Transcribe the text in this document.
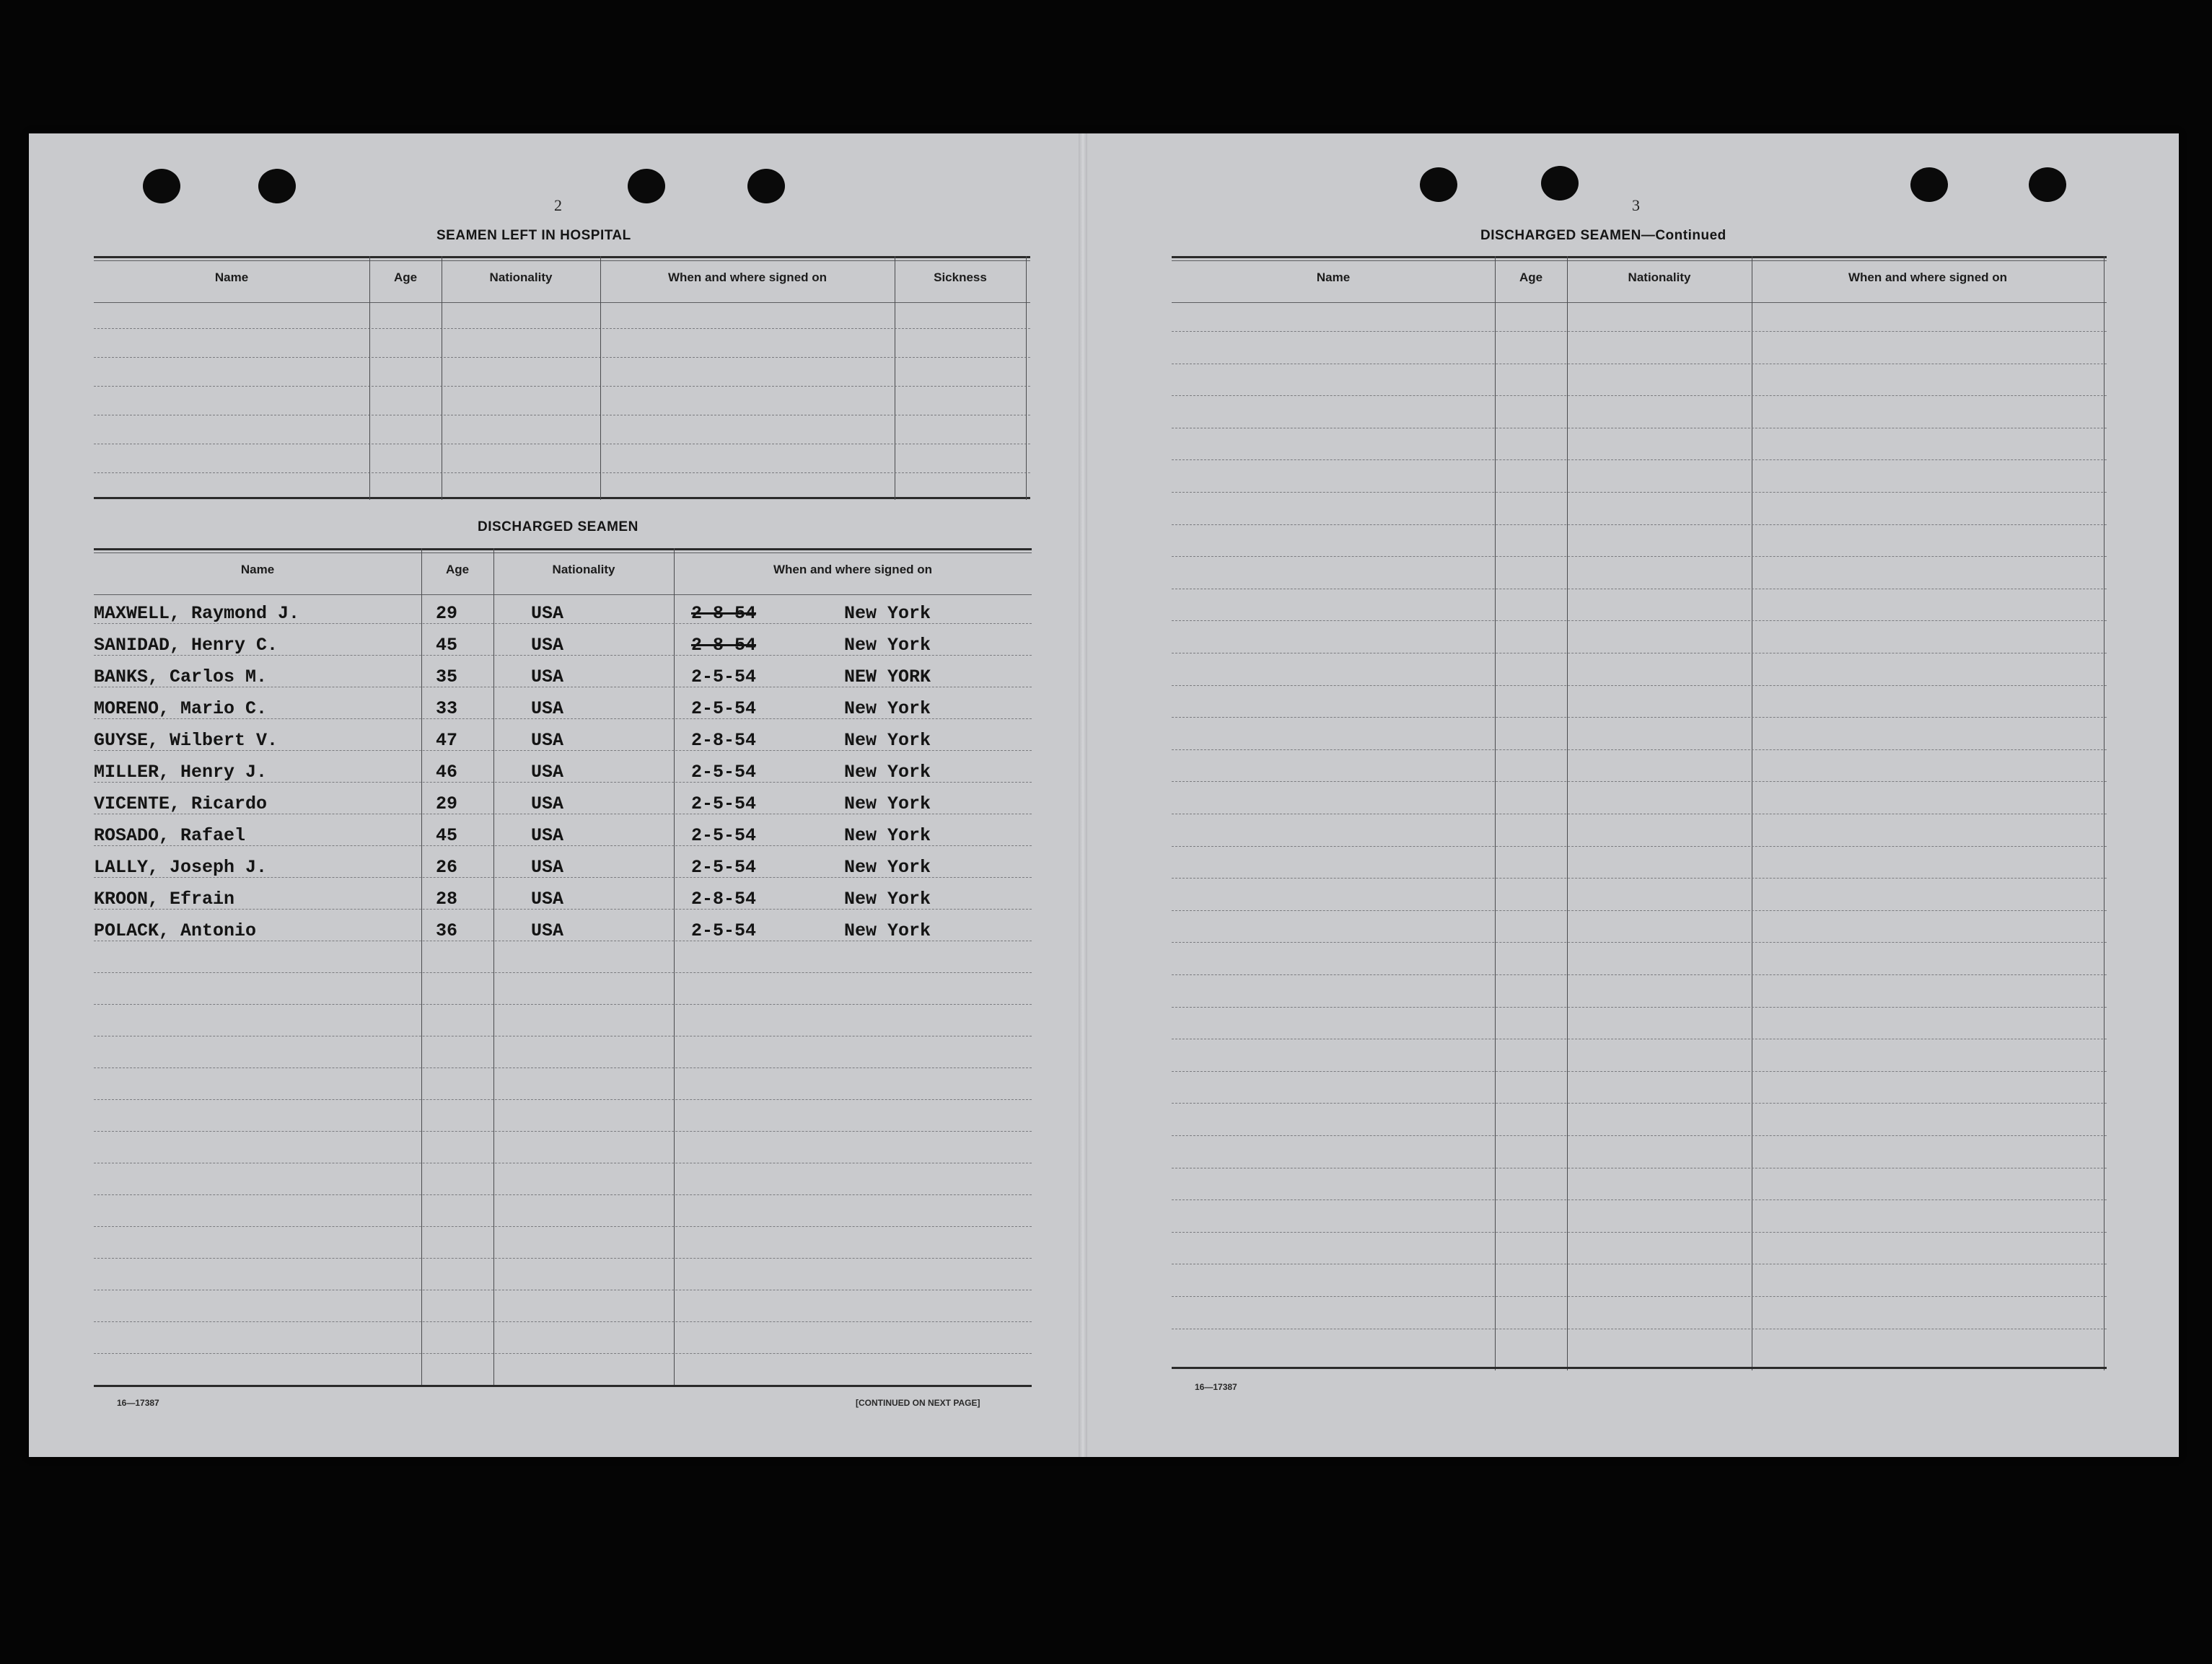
2
SEAMEN LEFT IN HOSPITAL
Name	Age	Nationality	When and where signed on	Sickness
DISCHARGED SEAMEN
Name	Age	Nationality	When and where signed on
MAXWELL, Raymond J.	29	USA	2-8-54	New York
SANIDAD, Henry C.	45	USA	2-8-54	New York
BANKS, Carlos M.	35	USA	2-5-54	NEW YORK
MORENO, Mario C.	33	USA	2-5-54	New York
GUYSE, Wilbert V.	47	USA	2-8-54	New York
MILLER, Henry J.	46	USA	2-5-54	New York
VICENTE, Ricardo	29	USA	2-5-54	New York
ROSADO, Rafael	45	USA	2-5-54	New York
LALLY, Joseph J.	26	USA	2-5-54	New York
KROON, Efrain	28	USA	2-8-54	New York
POLACK, Antonio	36	USA	2-5-54	New York
16—17387	[CONTINUED ON NEXT PAGE]
3
DISCHARGED SEAMEN—Continued
Name	Age	Nationality	When and where signed on
16—17387
